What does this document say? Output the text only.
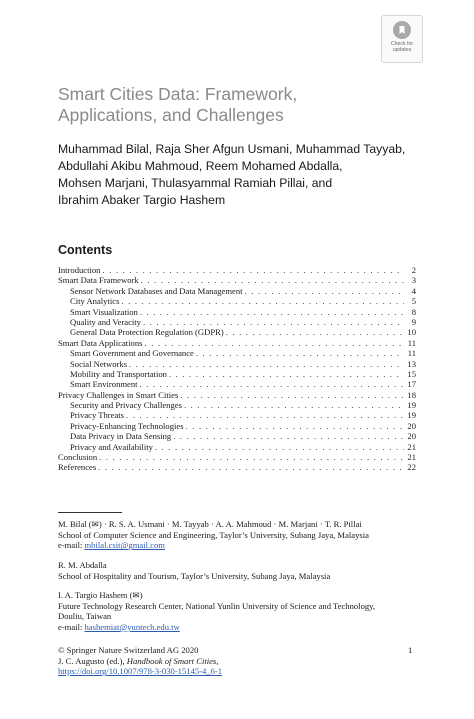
Check for
updates
Smart Cities Data: Framework,
Applications, and Challenges
Muhammad Bilal, Raja Sher Afgun Usmani, Muhammad Tayyab,
Abdullahi Akibu Mahmoud, Reem Mohamed Abdalla,
Mohsen Marjani, Thulasyammal Ramiah Pillai, and
Ibrahim Abaker Targio Hashem
Contents
Introduction . . .	2
Smart Data Framework . . .	3
Sensor Network Databases and Data Management . . .	4
City Analytics . . .	5
Smart Visualization . . .	8
Quality and Veracity . . .	9
General Data Protection Regulation (GDPR) . . .	10
Smart Data Applications . . .	11
Smart Government and Governance . . .	11
Social Networks . . .	13
Mobility and Transportation . . .	15
Smart Environment . . .	17
Privacy Challenges in Smart Cities . . .	18
Security and Privacy Challenges . . .	19
Privacy Threats . . .	19
Privacy-Enhancing Technologies . . .	20
Data Privacy in Data Sensing . . .	20
Privacy and Availability . . .	21
Conclusion . . .	21
References . . .	22
M. Bilal (✉) · R. S. A. Usmani · M. Tayyab · A. A. Mahmoud · M. Marjani · T. R. Pillai
School of Computer Science and Engineering, Taylor’s University, Subang Jaya, Malaysia
e-mail: mbilal.csit@gmail.com
R. M. Abdalla
School of Hospitality and Tourism, Taylor’s University, Subang Jaya, Malaysia
I. A. Targio Hashem (✉)
Future Technology Research Center, National Yunlin University of Science and Technology,
Douliu, Taiwan
e-mail: hashemiat@yuntech.edu.tw
© Springer Nature Switzerland AG 2020
J. C. Augusto (ed.), Handbook of Smart Cities,
https://doi.org/10.1007/978-3-030-15145-4_6-1
1
